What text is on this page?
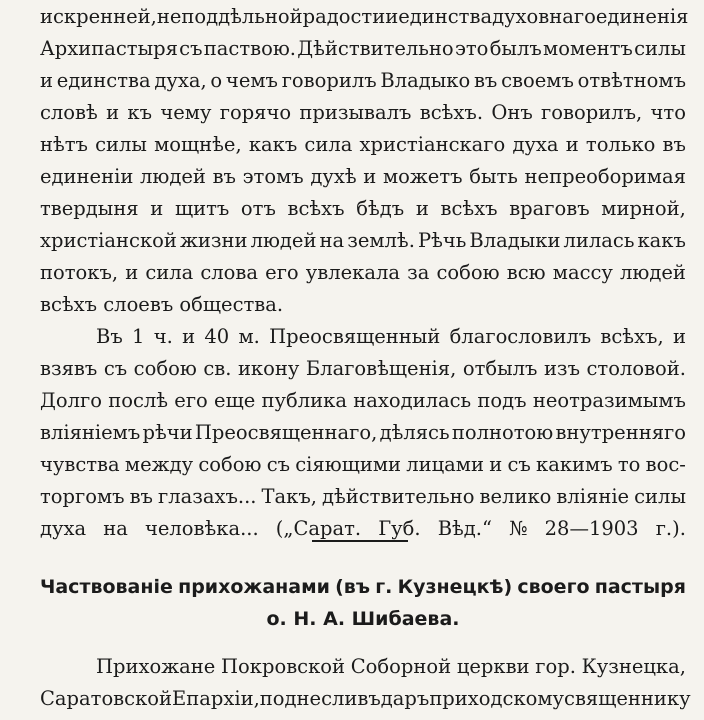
искренней, неподдѣльной радости и единства духовнаго единенія
Архипастыря съ паствою. Дѣйствительно это былъ моментъ силы
и единства духа, о чемъ говорилъ Владыко въ своемъ отвѣтномъ
словѣ и къ чему горячо призывалъ всѣхъ. Онъ говорилъ, что
нѣтъ силы мощнѣе, какъ сила христіанскаго духа и только въ
единеніи людей въ этомъ духѣ и можетъ быть непреоборимая
твердыня и щитъ отъ всѣхъ бѣдъ и всѣхъ враговъ мирной,
христіанской жизни людей на землѣ. Рѣчь Владыки лилась какъ
потокъ, и сила слова его увлекала за собою всю массу людей
всѣхъ слоевъ общества.
Въ 1 ч. и 40 м. Преосвященный благословилъ всѣхъ, и
взявъ съ собою св. икону Благовѣщенія, отбылъ изъ столовой.
Долго послѣ его еще публика находилась подъ неотразимымъ
вліяніемъ рѣчи Преосвященнаго, дѣлясь полнотою внутренняго
чувства между собою съ сіяющими лицами и съ какимъ то вос-
торгомъ въ глазахъ... Такъ, дѣйствительно велико вліяніе силы
духа на человѣка... („Сарат. Губ. Вѣд.“ № 28—1903 г.).
Частвованіе прихожанами (въ г. Кузнецкѣ) своего пастыря
о. Н. А. Шибаева.
Прихожане Покровской Соборной церкви гор. Кузнецка,
Саратовской Епархіи, поднесли въ даръ приходскому священнику
